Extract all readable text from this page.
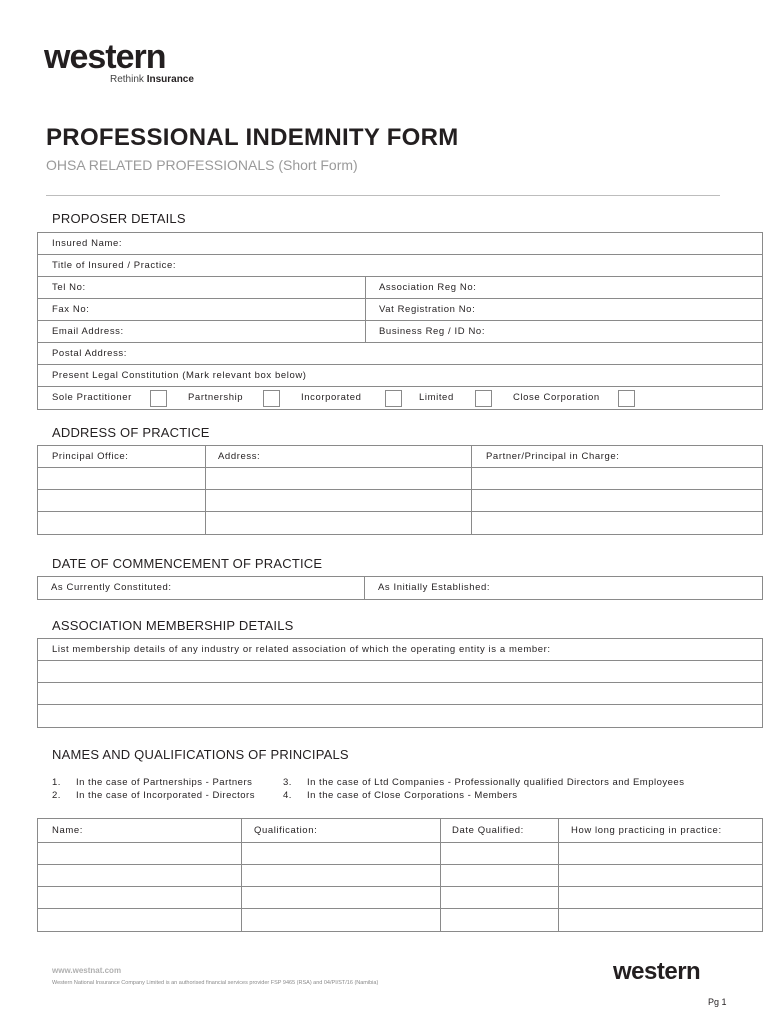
western
Rethink Insurance
PROFESSIONAL INDEMNITY FORM
OHSA RELATED PROFESSIONALS (Short Form)
PROPOSER DETAILS
Insured Name:
Title of Insured / Practice:
Tel No:	Association Reg No:
Fax No:	Vat Registration No:
Email Address:	Business Reg / ID No:
Postal Address:
Present Legal Constitution (Mark relevant box below)
Sole Practitioner	Partnership	Incorporated	Limited	Close Corporation
ADDRESS OF PRACTICE
Principal Office:	Address:	Partner/Principal in Charge:
DATE OF COMMENCEMENT OF PRACTICE
As Currently Constituted:	As Initially Established:
ASSOCIATION MEMBERSHIP DETAILS
List membership details of any industry or related association of which the operating entity is a member:
NAMES AND QUALIFICATIONS OF PRINCIPALS
1. In the case of Partnerships - Partners
2. In the case of Incorporated - Directors
3. In the case of Ltd Companies - Professionally qualified Directors and Employees
4. In the case of Close Corporations - Members
Name:	Qualification:	Date Qualified:	How long practicing in practice:
www.westnat.com
Western National Insurance Company Limited is an authorised financial services provider FSP 9465 (RSA) and 04/PI/ST/16 (Namibia)	western
Pg 1
